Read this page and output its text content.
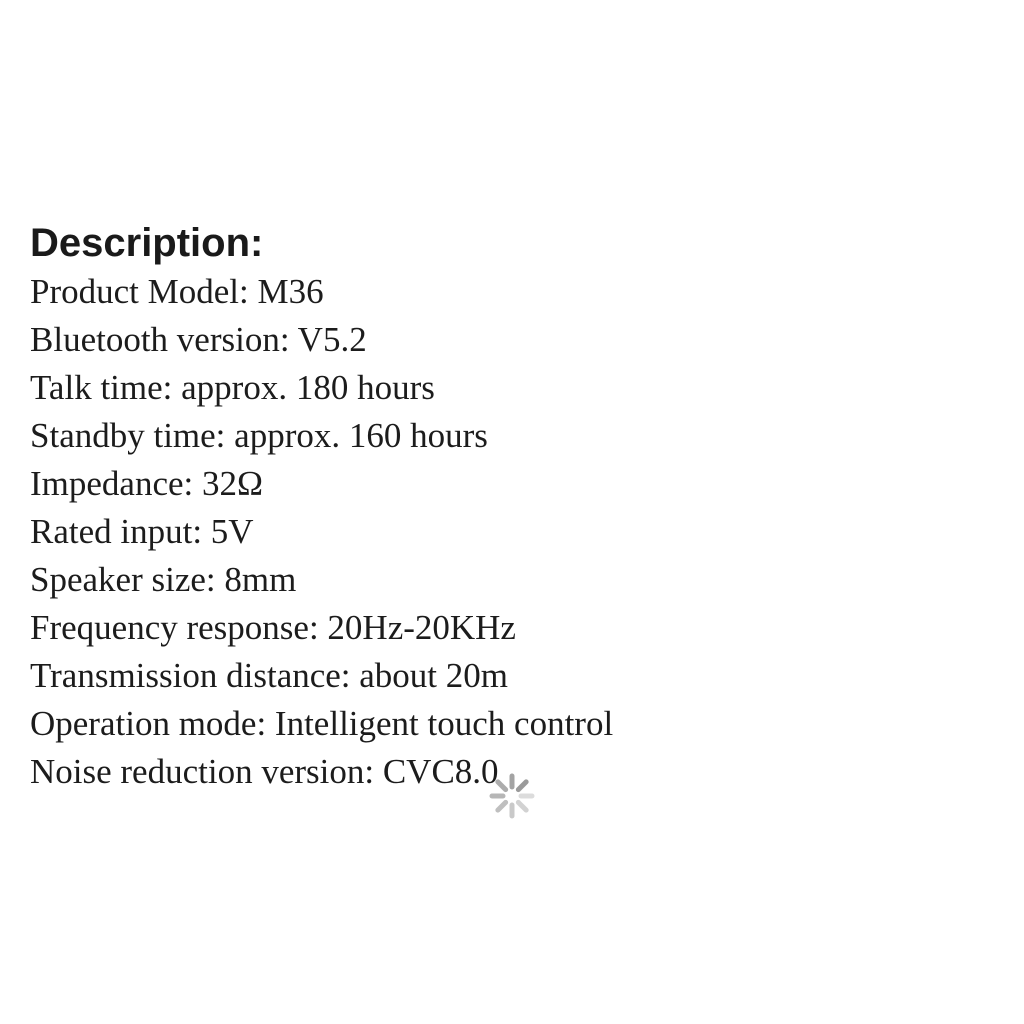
Description:
Product Model: M36
Bluetooth version: V5.2
Talk time: approx. 180 hours
Standby time: approx. 160 hours
Impedance: 32Ω
Rated input: 5V
Speaker size: 8mm
Frequency response: 20Hz-20KHz
Transmission distance: about 20m
Operation mode: Intelligent touch control
Noise reduction version: CVC8.0
